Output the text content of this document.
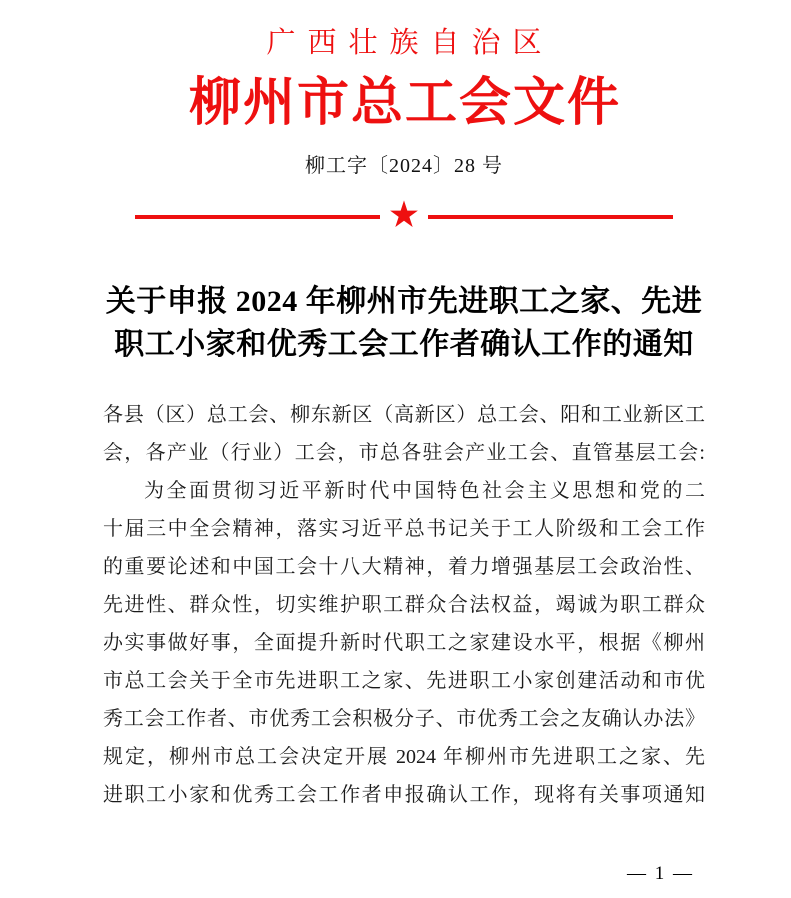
广西壮族自治区
柳州市总工会文件
柳工字〔2024〕28 号
★
关于申报 2024 年柳州市先进职工之家、先进
职工小家和优秀工会工作者确认工作的通知
各县（区）总工会、柳东新区（高新区）总工会、阳和工业新区工
会，各产业（行业）工会，市总各驻会产业工会、直管基层工会:
为全面贯彻习近平新时代中国特色社会主义思想和党的二
十届三中全会精神，落实习近平总书记关于工人阶级和工会工作
的重要论述和中国工会十八大精神，着力增强基层工会政治性、
先进性、群众性，切实维护职工群众合法权益，竭诚为职工群众
办实事做好事，全面提升新时代职工之家建设水平，根据《柳州
市总工会关于全市先进职工之家、先进职工小家创建活动和市优
秀工会工作者、市优秀工会积极分子、市优秀工会之友确认办法》
规定，柳州市总工会决定开展 2024 年柳州市先进职工之家、先
进职工小家和优秀工会工作者申报确认工作，现将有关事项通知
— 1 —
